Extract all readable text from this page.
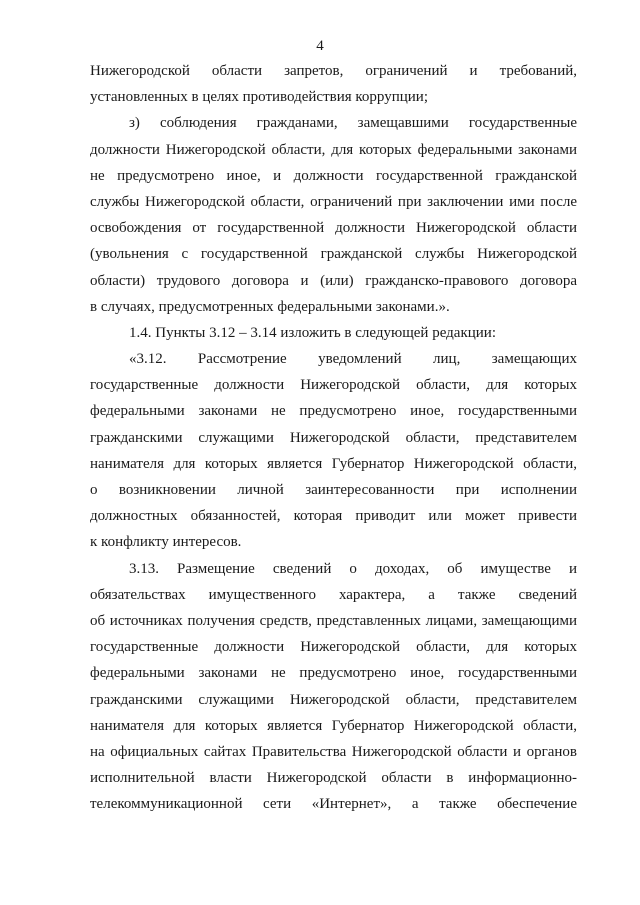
4
Нижегородской области запретов, ограничений и требований,
установленных в целях противодействия коррупции;
з) соблюдения гражданами, замещавшими государственные
должности Нижегородской области, для которых федеральными законами
не предусмотрено иное, и должности государственной гражданской
службы Нижегородской области, ограничений при заключении ими после
освобождения от государственной должности Нижегородской области
(увольнения с государственной гражданской службы Нижегородской
области) трудового договора и (или) гражданско-правового договора
в случаях, предусмотренных федеральными законами.».
1.4. Пункты 3.12 – 3.14 изложить в следующей редакции:
«3.12. Рассмотрение уведомлений лиц, замещающих
государственные должности Нижегородской области, для которых
федеральными законами не предусмотрено иное, государственными
гражданскими служащими Нижегородской области, представителем
нанимателя для которых является Губернатор Нижегородской области,
о возникновении личной заинтересованности при исполнении
должностных обязанностей, которая приводит или может привести
к конфликту интересов.
3.13. Размещение сведений о доходах, об имуществе и
обязательствах имущественного характера, а также сведений
об источниках получения средств, представленных лицами, замещающими
государственные должности Нижегородской области, для которых
федеральными законами не предусмотрено иное, государственными
гражданскими служащими Нижегородской области, представителем
нанимателя для которых является Губернатор Нижегородской области,
на официальных сайтах Правительства Нижегородской области и органов
исполнительной власти Нижегородской области в информационно-
телекоммуникационной сети «Интернет», а также обеспечение
